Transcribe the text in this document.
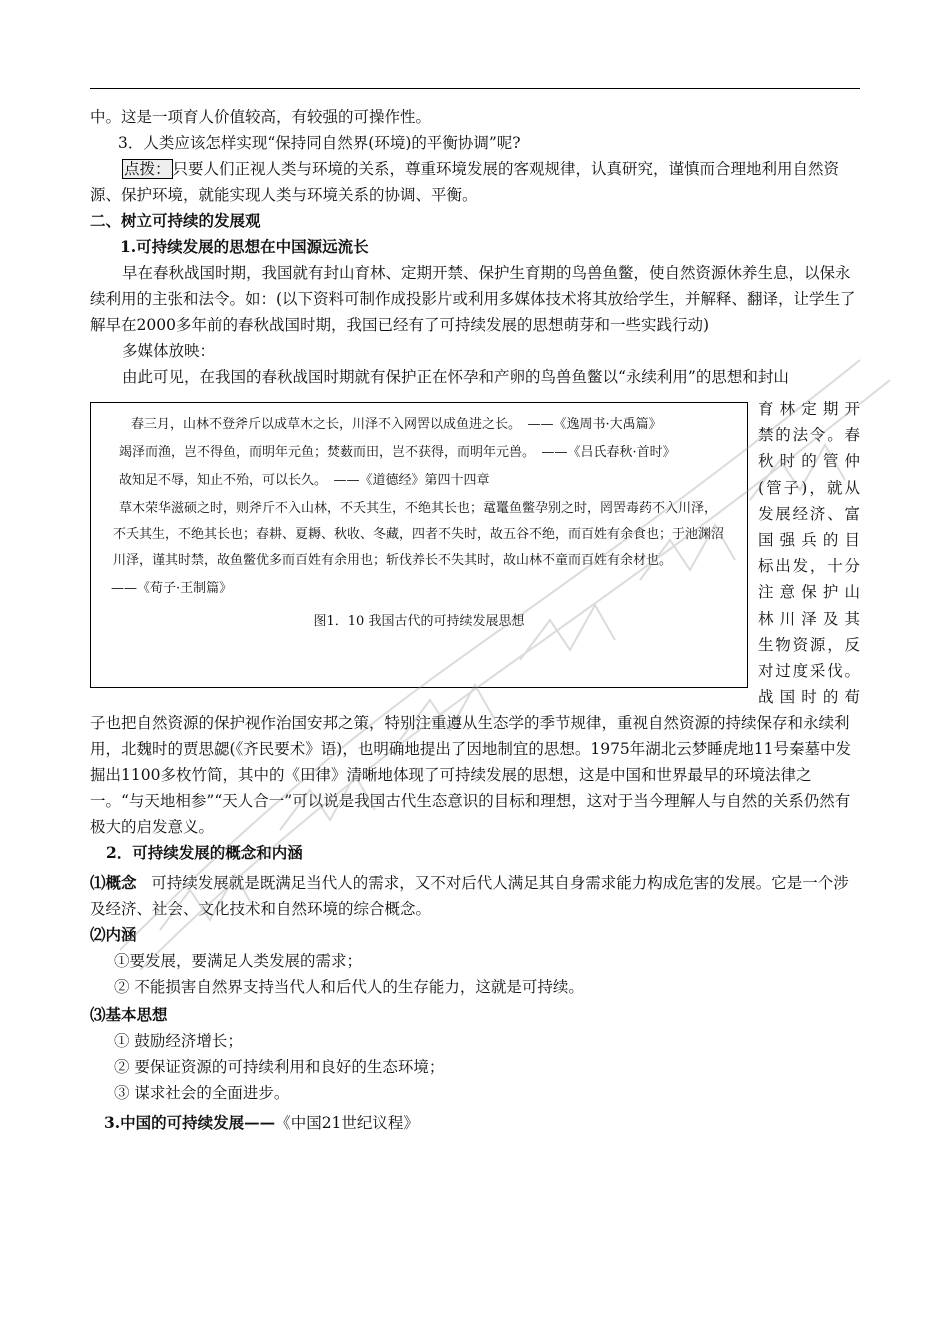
中。这是一项育人价值较高，有较强的可操作性。

3．人类应该怎样实现“保持同自然界(环境)的平衡协调”呢?

点拨： 只要人们正视人类与环境的关系，尊重环境发展的客观规律，认真研究，谨慎而合理地利用自然资源、保护环境，就能实现人类与环境关系的协调、平衡。

二、树立可持续的发展观

1.可持续发展的思想在中国源远流长

早在春秋战国时期，我国就有封山育林、定期开禁、保护生育期的鸟兽鱼鳖，使自然资源休养生息，以保永续利用的主张和法令。如：(以下资料可制作成投影片或利用多媒体技术将其放给学生，并解释、翻译，让学生了解早在2000多年前的春秋战国时期，我国已经有了可持续发展的思想萌芽和一些实践行动)

多媒体放映：

由此可见，在我国的春秋战国时期就有保护正在怀孕和产卵的鸟兽鱼鳖以“永续利用”的思想和封山

春三月，山林不登斧斤以成草木之长，川泽不入网罟以成鱼进之长。　——《逸周书·大禹篇》
竭泽而渔，岂不得鱼，而明年元鱼；焚薮而田，岂不获得，而明年元兽。　——《吕氏春秋·首时》
故知足不辱，知止不殆，可以长久。　——《道德经》第四十四章
草木荣华滋硕之时，则斧斤不入山林，不夭其生，不绝其长也；鼋鼍鱼鳖孕别之时，罔罟毒药不入川泽，
不夭其生，不绝其长也；春耕、夏耨、秋收、冬藏，四者不失时，故五谷不绝，而百姓有余食也；于池渊沼
川泽，谨其时禁，故鱼鳖优多而百姓有余用也；斩伐养长不失其时，故山林不童而百姓有余材也。
——《荀子·王制篇》
图1．10 我国古代的可持续发展思想
育林定期开
禁的法令。春
秋时的管仲
(管子)，就从
发展经济、富
国强兵的目
标出发，十分
注意保护山
林川泽及其
生物资源，反
对过度采伐。
战国时的荀

子也把自然资源的保护视作治国安邦之策，特别注重遵从生态学的季节规律，重视自然资源的持续保存和永续利用，北魏时的贾思勰(《齐民要术》语)，也明确地提出了因地制宜的思想。1975年湖北云梦睡虎地11号秦墓中发掘出1100多枚竹简，其中的《田律》清晰地体现了可持续发展的思想，这是中国和世界最早的环境法律之一。“与天地相参”“天人合一”可以说是我国古代生态意识的目标和理想，这对于当今理解人与自然的关系仍然有极大的启发意义。

2．可持续发展的概念和内涵

⑴概念 可持续发展就是既满足当代人的需求，又不对后代人满足其自身需求能力构成危害的发展。它是一个涉及经济、社会、文化技术和自然环境的综合概念。

⑵内涵

①要发展，要满足人类发展的需求；

② 不能损害自然界支持当代人和后代人的生存能力，这就是可持续。

⑶基本思想

① 鼓励经济增长；

② 要保证资源的可持续利用和良好的生态环境；

③ 谋求社会的全面进步。

3.中国的可持续发展——《中国21世纪议程》
